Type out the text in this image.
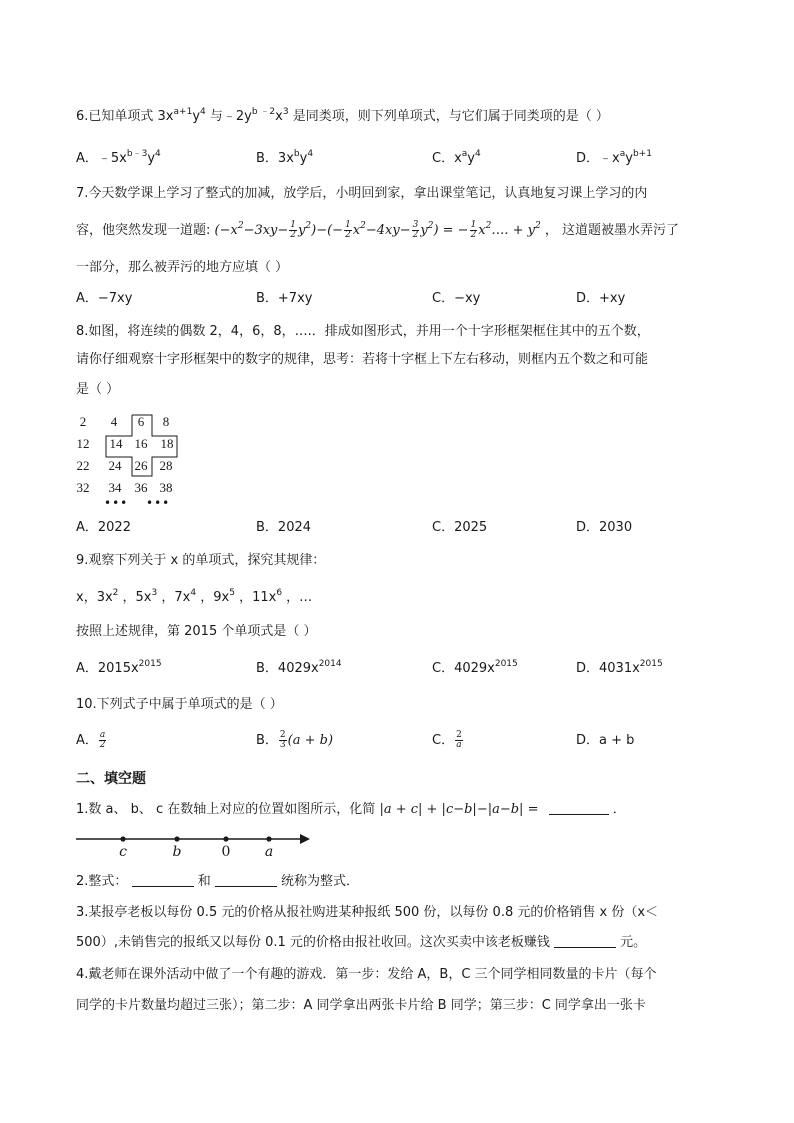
6.已知单项式 $3x^{a+1}y^4$ 与$﹣2y^{b ﹣2}x^3$ 是同类项，则下列单项式，与它们属于同类项的是（ ）
A．$﹣5x^{b﹣3}y^4$	B．$3x^by^4$	C．$x^ay^4$	D．$﹣x^ay^{b+1}$
7.今天数学课上学习了整式的加减，放学后，小明回到家，拿出课堂笔记，认真地复习课上学习的内
容，他突然发现一道题: $(-x^2-3xy- \frac{1}{2} y^2)-(- \frac{1}{2} x^2-4xy- \frac{3}{2} y^2)$ = − $\frac{1}{2}$ $x^2\dots$. + $y^2$ ， 这道题被墨水弄污了
一部分，那么被弄污的地方应填（ ）
A．−7xy	B．+7xy	C．−xy	D．+xy
8.如图，将连续的偶数 2，4，6，8，….．排成如图形式，并用一个十字形框架框住其中的五个数，
请你仔细观察十字形框架中的数字的规律，思考：若将十字框上下左右移动，则框内五个数之和可能
是（ ）
2	4	6	8
12	14 16	18
22	24	26 28
32	34	36 38
••• •••
A．2022	B．2024	C．2025	D．2030
9.观察下列关于 x 的单项式，探究其规律：
x，$3x^2$ ，$5x^3$ ，$7x^4$ ，$9x^5$ ，$11x^6$ ，…
按照上述规律，第 2015 个单项式是（ ）
A．$2015x^{2015}$	B．$4029x^{2014}$	C．$4029x^{2015}$	D．$4031x^{2015}$
10.下列式子中属于单项式的是（ ）
A． $\frac{a}{2}$	B． $\frac{2}{3} (a + b)$	C． $\frac{2}{a}$	D．a + b
二、填空题
1.数 a、 b、 c 在数轴上对应的位置如图所示，化简 |a + c| + |c−b|−|a−b| =	．
c	b	0 a
2.整式：	和	统称为整式．
3.某报亭老板以每份 0.5 元的价格从报社购进某种报纸 500 份，以每份 0.8 元的价格销售 x 份（x＜
500）,未销售完的报纸又以每份 0.1 元的价格由报社收回。这次买卖中该老板赚钱	元。
4.戴老师在课外活动中做了一个有趣的游戏．第一步：发给 A，B，C 三个同学相同数量的卡片（每个
同学的卡片数量均超过三张）；第二步：A 同学拿出两张卡片给 B 同学；第三步：C 同学拿出一张卡
